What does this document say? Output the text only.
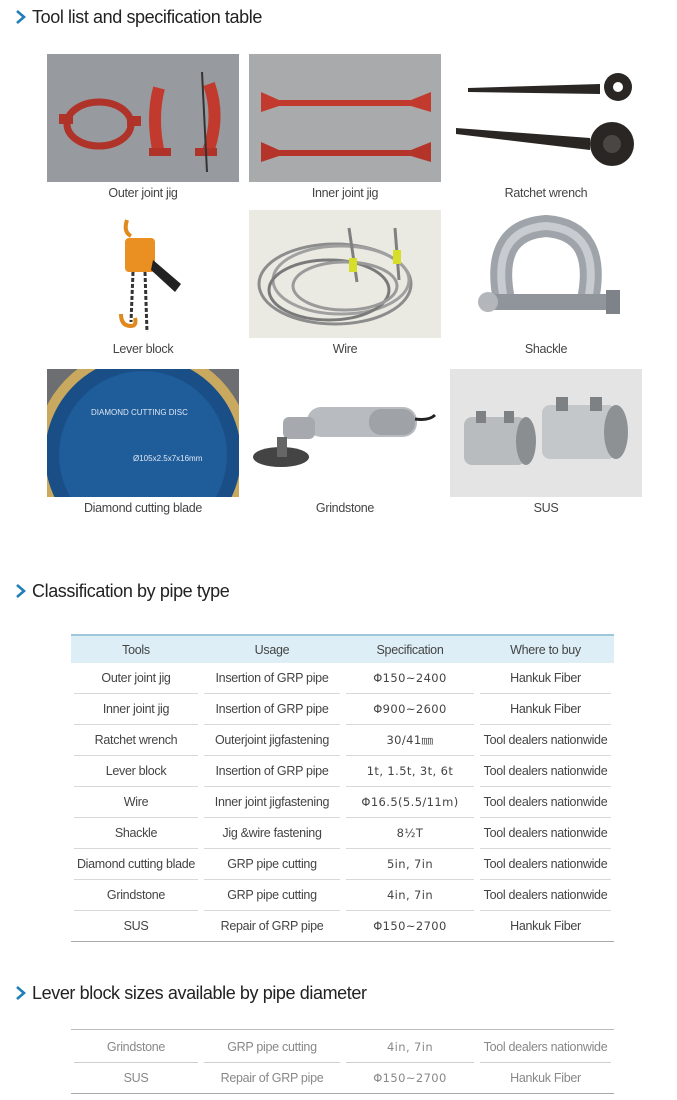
Tool list and specification table
Outer joint jig	Inner joint jig	Ratchet wrench
Lever block	Wire	Shackle
DIAMOND CUTTING DISC
Ø105x2.5x7x16mm
Diamond cutting blade	Grindstone	SUS
Classification by pipe type
Tools	Usage	Specification	Where to buy

Outer joint jig	Insertion of GRP pipe	Φ150~2400	Hankuk Fiber

Inner joint jig	Insertion of GRP pipe	Φ900~2600	Hankuk Fiber

Ratchet wrench	Outerjoint jigfastening	30/41㎜	Tool dealers nationwide

Lever block	Insertion of GRP pipe	1t, 1.5t, 3t, 6t	Tool dealers nationwide

Wire	Inner joint jigfastening	Φ16.5(5.5/11m)	Tool dealers nationwide

Shackle	Jig &wire fastening	8½T	Tool dealers nationwide

Diamond cutting blade	GRP pipe cutting	5in, 7in	Tool dealers nationwide

Grindstone	GRP pipe cutting	4in, 7in	Tool dealers nationwide

SUS	Repair of GRP pipe	Φ150~2700	Hankuk Fiber
Lever block sizes available by pipe diameter
Grindstone	GRP pipe cutting	4in, 7in	Tool dealers nationwide

SUS	Repair of GRP pipe	Φ150~2700	Hankuk Fiber
